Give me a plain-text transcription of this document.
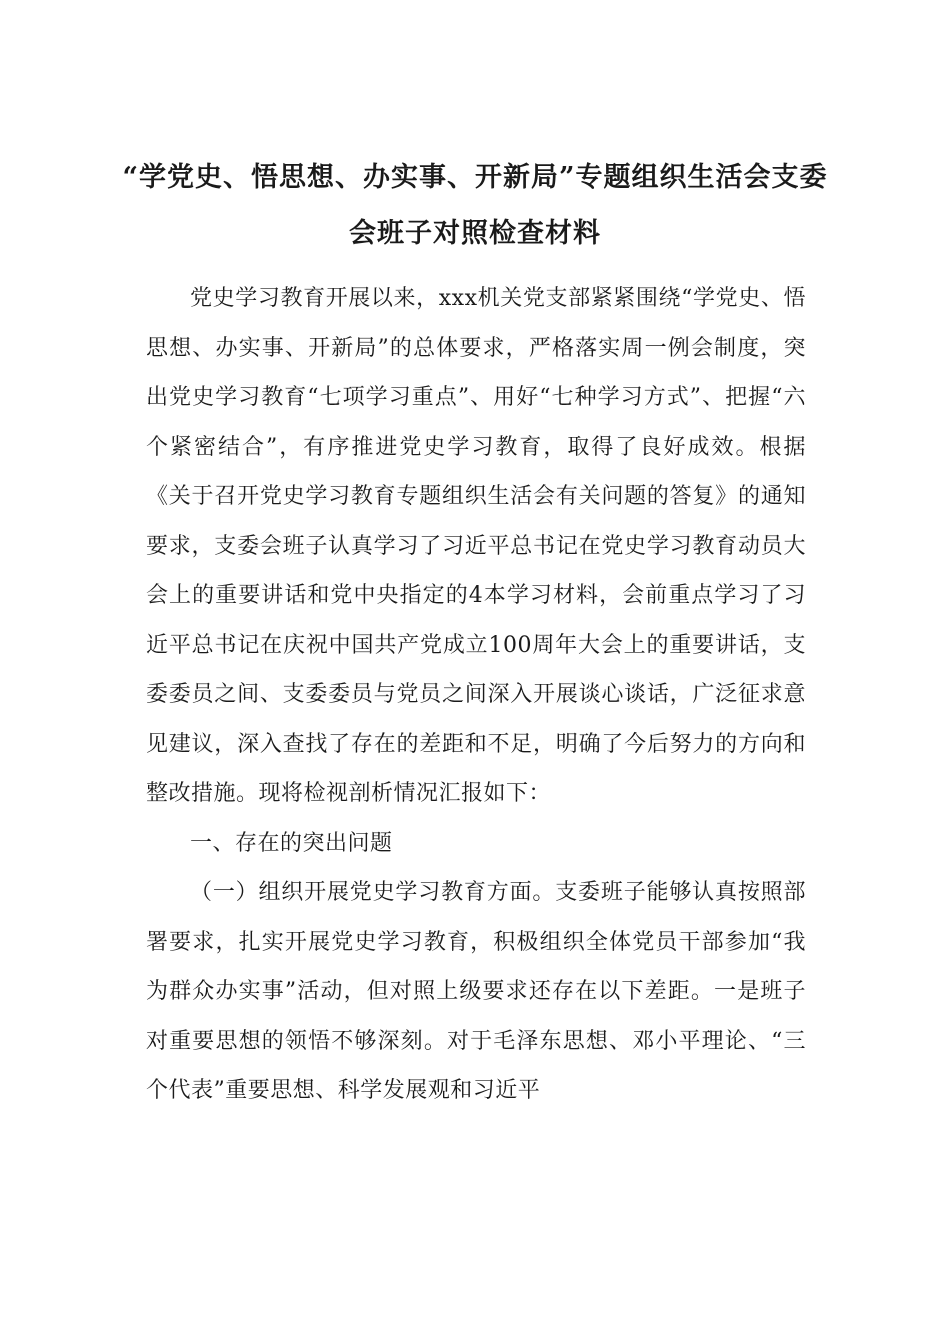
“学党史、悟思想、办实事、开新局”专题组织生活会支委会班子对照检查材料

党史学习教育开展以来，xxx机关党支部紧紧围绕“学党史、悟思想、办实事、开新局”的总体要求，严格落实周一例会制度，突出党史学习教育“七项学习重点”、用好“七种学习方式”、把握“六个紧密结合”，有序推进党史学习教育，取得了良好成效。根据《关于召开党史学习教育专题组织生活会有关问题的答复》的通知要求，支委会班子认真学习了习近平总书记在党史学习教育动员大会上的重要讲话和党中央指定的4本学习材料，会前重点学习了习近平总书记在庆祝中国共产党成立100周年大会上的重要讲话，支委委员之间、支委委员与党员之间深入开展谈心谈话，广泛征求意见建议，深入查找了存在的差距和不足，明确了今后努力的方向和整改措施。现将检视剖析情况汇报如下：

一、存在的突出问题

（一）组织开展党史学习教育方面。支委班子能够认真按照部署要求，扎实开展党史学习教育，积极组织全体党员干部参加“我为群众办实事”活动，但对照上级要求还存在以下差距。一是班子对重要思想的领悟不够深刻。对于毛泽东思想、邓小平理论、“三个代表”重要思想、科学发展观和习近平
